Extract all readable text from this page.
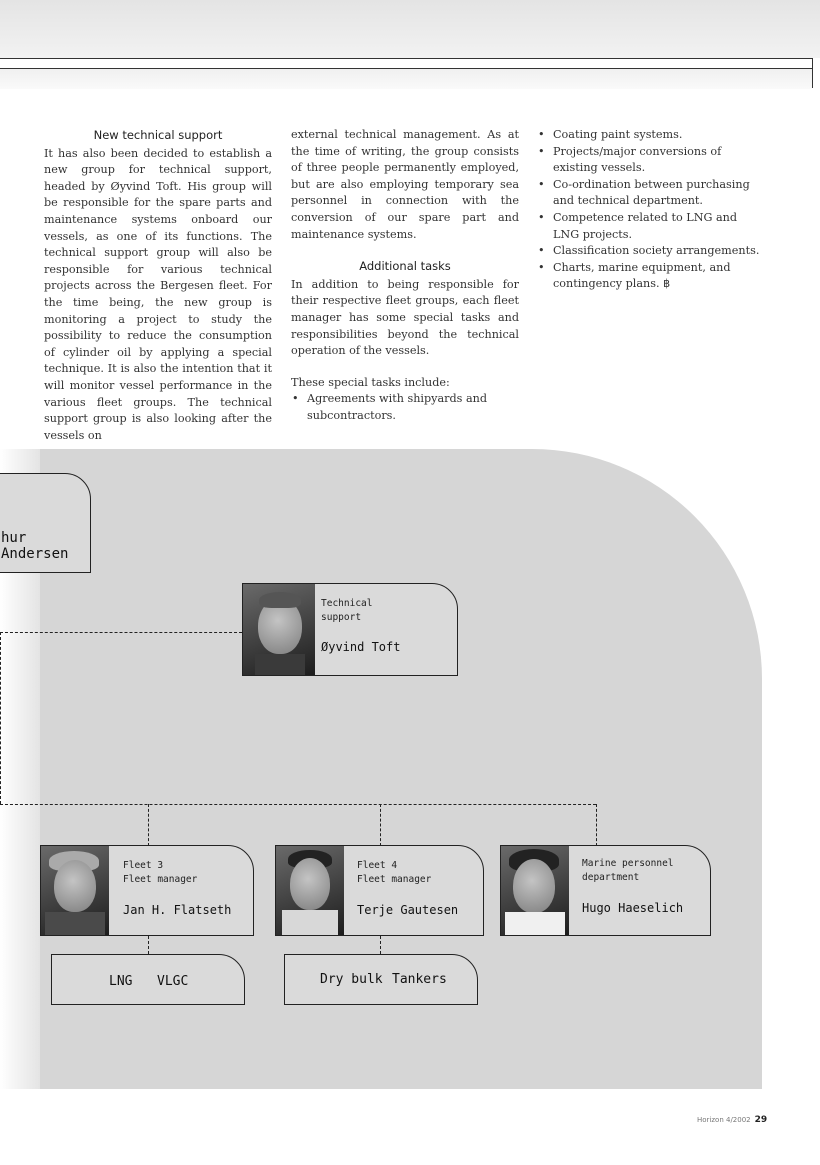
New technical support

It has also been decided to establish a new group for technical support, headed by Øyvind Toft. His group will be responsible for the spare parts and maintenance systems onboard our vessels, as one of its functions. The technical support group will also be responsible for various technical projects across the Bergesen fleet. For the time being, the new group is monitoring a project to study the possibility to reduce the consumption of cylinder oil by applying a special technique. It is also the intention that it will monitor vessel performance in the various fleet groups. The technical support group is also looking after the vessels on

external technical management. As at the time of writing, the group consists of three people permanently employed, but are also employing temporary sea personnel in connection with the conversion of our spare part and maintenance systems.

Additional tasks

In addition to being responsible for their respective fleet groups, each fleet manager has some special tasks and responsibilities beyond the technical operation of the vessels.

These special tasks include:

• Agreements with shipyards and subcontractors.
• Coating paint systems.
• Projects/major conversions of existing vessels.
• Co-ordination between purchasing and technical department.
• Competence related to LNG and LNG projects.
• Classification society arrangements.
• Charts, marine equipment, and contingency plans. ฿
hur Andersen
Technical
support
Øyvind Toft
Fleet 3
Fleet manager
Jan H. Flatseth
Fleet 4
Fleet manager
Terje Gautesen
Marine personnel
department
Hugo Haeselich
LNG VLGC	Dry bulk Tankers
Horizon 4/2002 29
